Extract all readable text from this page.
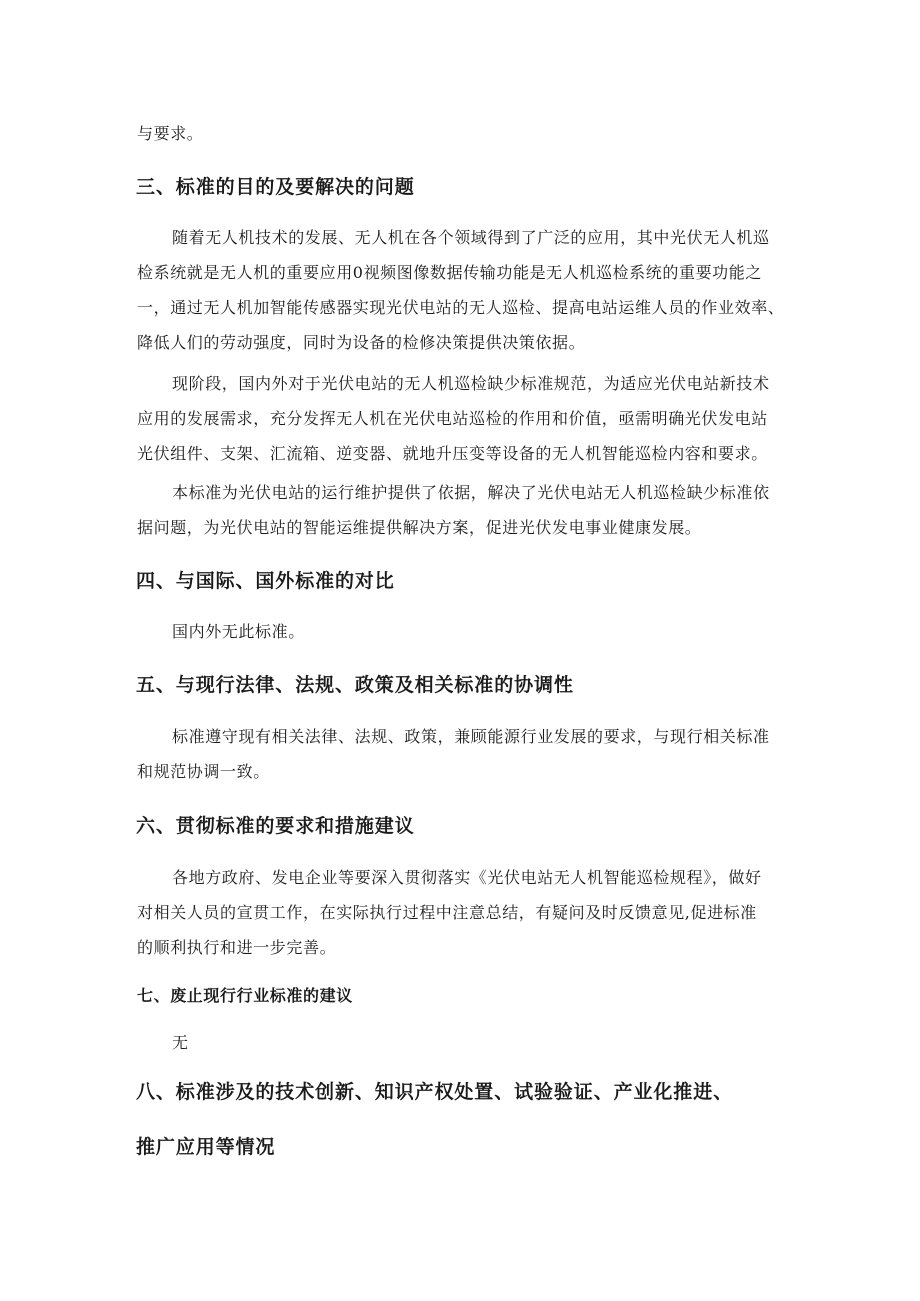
与要求。

三、标准的目的及要解决的问题

随着无人机技术的发展、无人机在各个领域得到了广泛的应用，其中光伏无人机巡

检系统就是无人机的重要应用0视频图像数据传输功能是无人机巡检系统的重要功能之
一，通过无人机加智能传感器实现光伏电站的无人巡检、提高电站运维人员的作业效率、
降低人们的劳动强度，同时为设备的检修决策提供决策依据。

现阶段，国内外对于光伏电站的无人机巡检缺少标准规范，为适应光伏电站新技术

应用的发展需求，充分发挥无人机在光伏电站巡检的作用和价值，亟需明确光伏发电站
光伏组件、支架、汇流箱、逆变器、就地升压变等设备的无人机智能巡检内容和要求。

本标准为光伏电站的运行维护提供了依据，解决了光伏电站无人机巡检缺少标准依

据问题，为光伏电站的智能运维提供解决方案，促进光伏发电事业健康发展。

四、与国际、国外标准的对比

国内外无此标准。

五、与现行法律、法规、政策及相关标准的协调性

标准遵守现有相关法律、法规、政策，兼顾能源行业发展的要求，与现行相关标准

和规范协调一致。

六、贯彻标准的要求和措施建议

各地方政府、发电企业等要深入贯彻落实《光伏电站无人机智能巡检规程》，做好

对相关人员的宣贯工作，在实际执行过程中注意总结，有疑问及时反馈意见,促进标准
的顺利执行和进一步完善。

七、废止现行行业标准的建议

无

八、标准涉及的技术创新、知识产权处置、试验验证、产业化推进、
推广应用等情况
